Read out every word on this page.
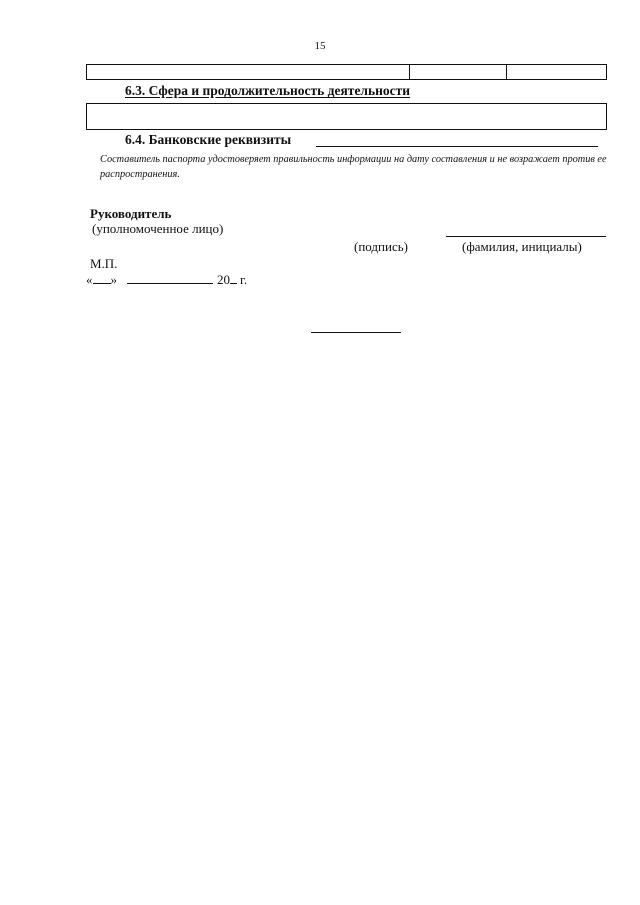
15
6.3. Сфера и продолжительность деятельности
6.4. Банковские реквизиты
Составитель паспорта удостоверяет правильность информации на дату составления и не возражает против ее распространения.
Руководитель
(уполномоченное лицо)
(подпись)	(фамилия, инициалы)
М.П.
« »	20 г.
